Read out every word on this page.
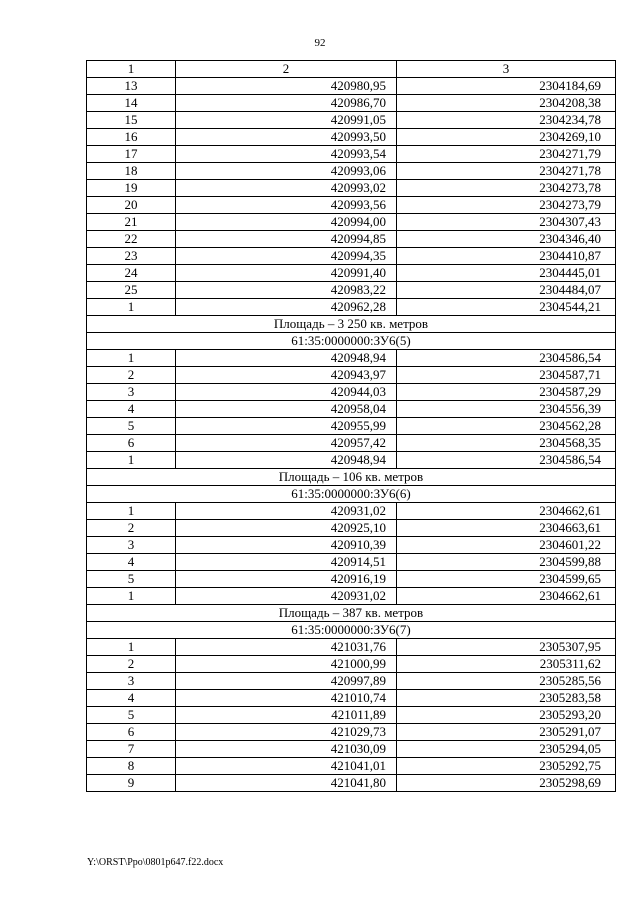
92
1	2	3
13	420980,95	2304184,69
14	420986,70	2304208,38
15	420991,05	2304234,78
16	420993,50	2304269,10
17	420993,54	2304271,79
18	420993,06	2304271,78
19	420993,02	2304273,78
20	420993,56	2304273,79
21	420994,00	2304307,43
22	420994,85	2304346,40
23	420994,35	2304410,87
24	420991,40	2304445,01
25	420983,22	2304484,07
1	420962,28	2304544,21
Площадь – 3 250 кв. метров		
61:35:0000000:ЗУ6(5)		
1	420948,94	2304586,54
2	420943,97	2304587,71
3	420944,03	2304587,29
4	420958,04	2304556,39
5	420955,99	2304562,28
6	420957,42	2304568,35
1	420948,94	2304586,54
Площадь – 106 кв. метров		
61:35:0000000:ЗУ6(6)		
1	420931,02	2304662,61
2	420925,10	2304663,61
3	420910,39	2304601,22
4	420914,51	2304599,88
5	420916,19	2304599,65
1	420931,02	2304662,61
Площадь – 387 кв. метров		
61:35:0000000:ЗУ6(7)		
1	421031,76	2305307,95
2	421000,99	2305311,62
3	420997,89	2305285,56
4	421010,74	2305283,58
5	421011,89	2305293,20
6	421029,73	2305291,07
7	421030,09	2305294,05
8	421041,01	2305292,75
9	421041,80	2305298,69
Y:\ORST\Ppo\0801p647.f22.docx
